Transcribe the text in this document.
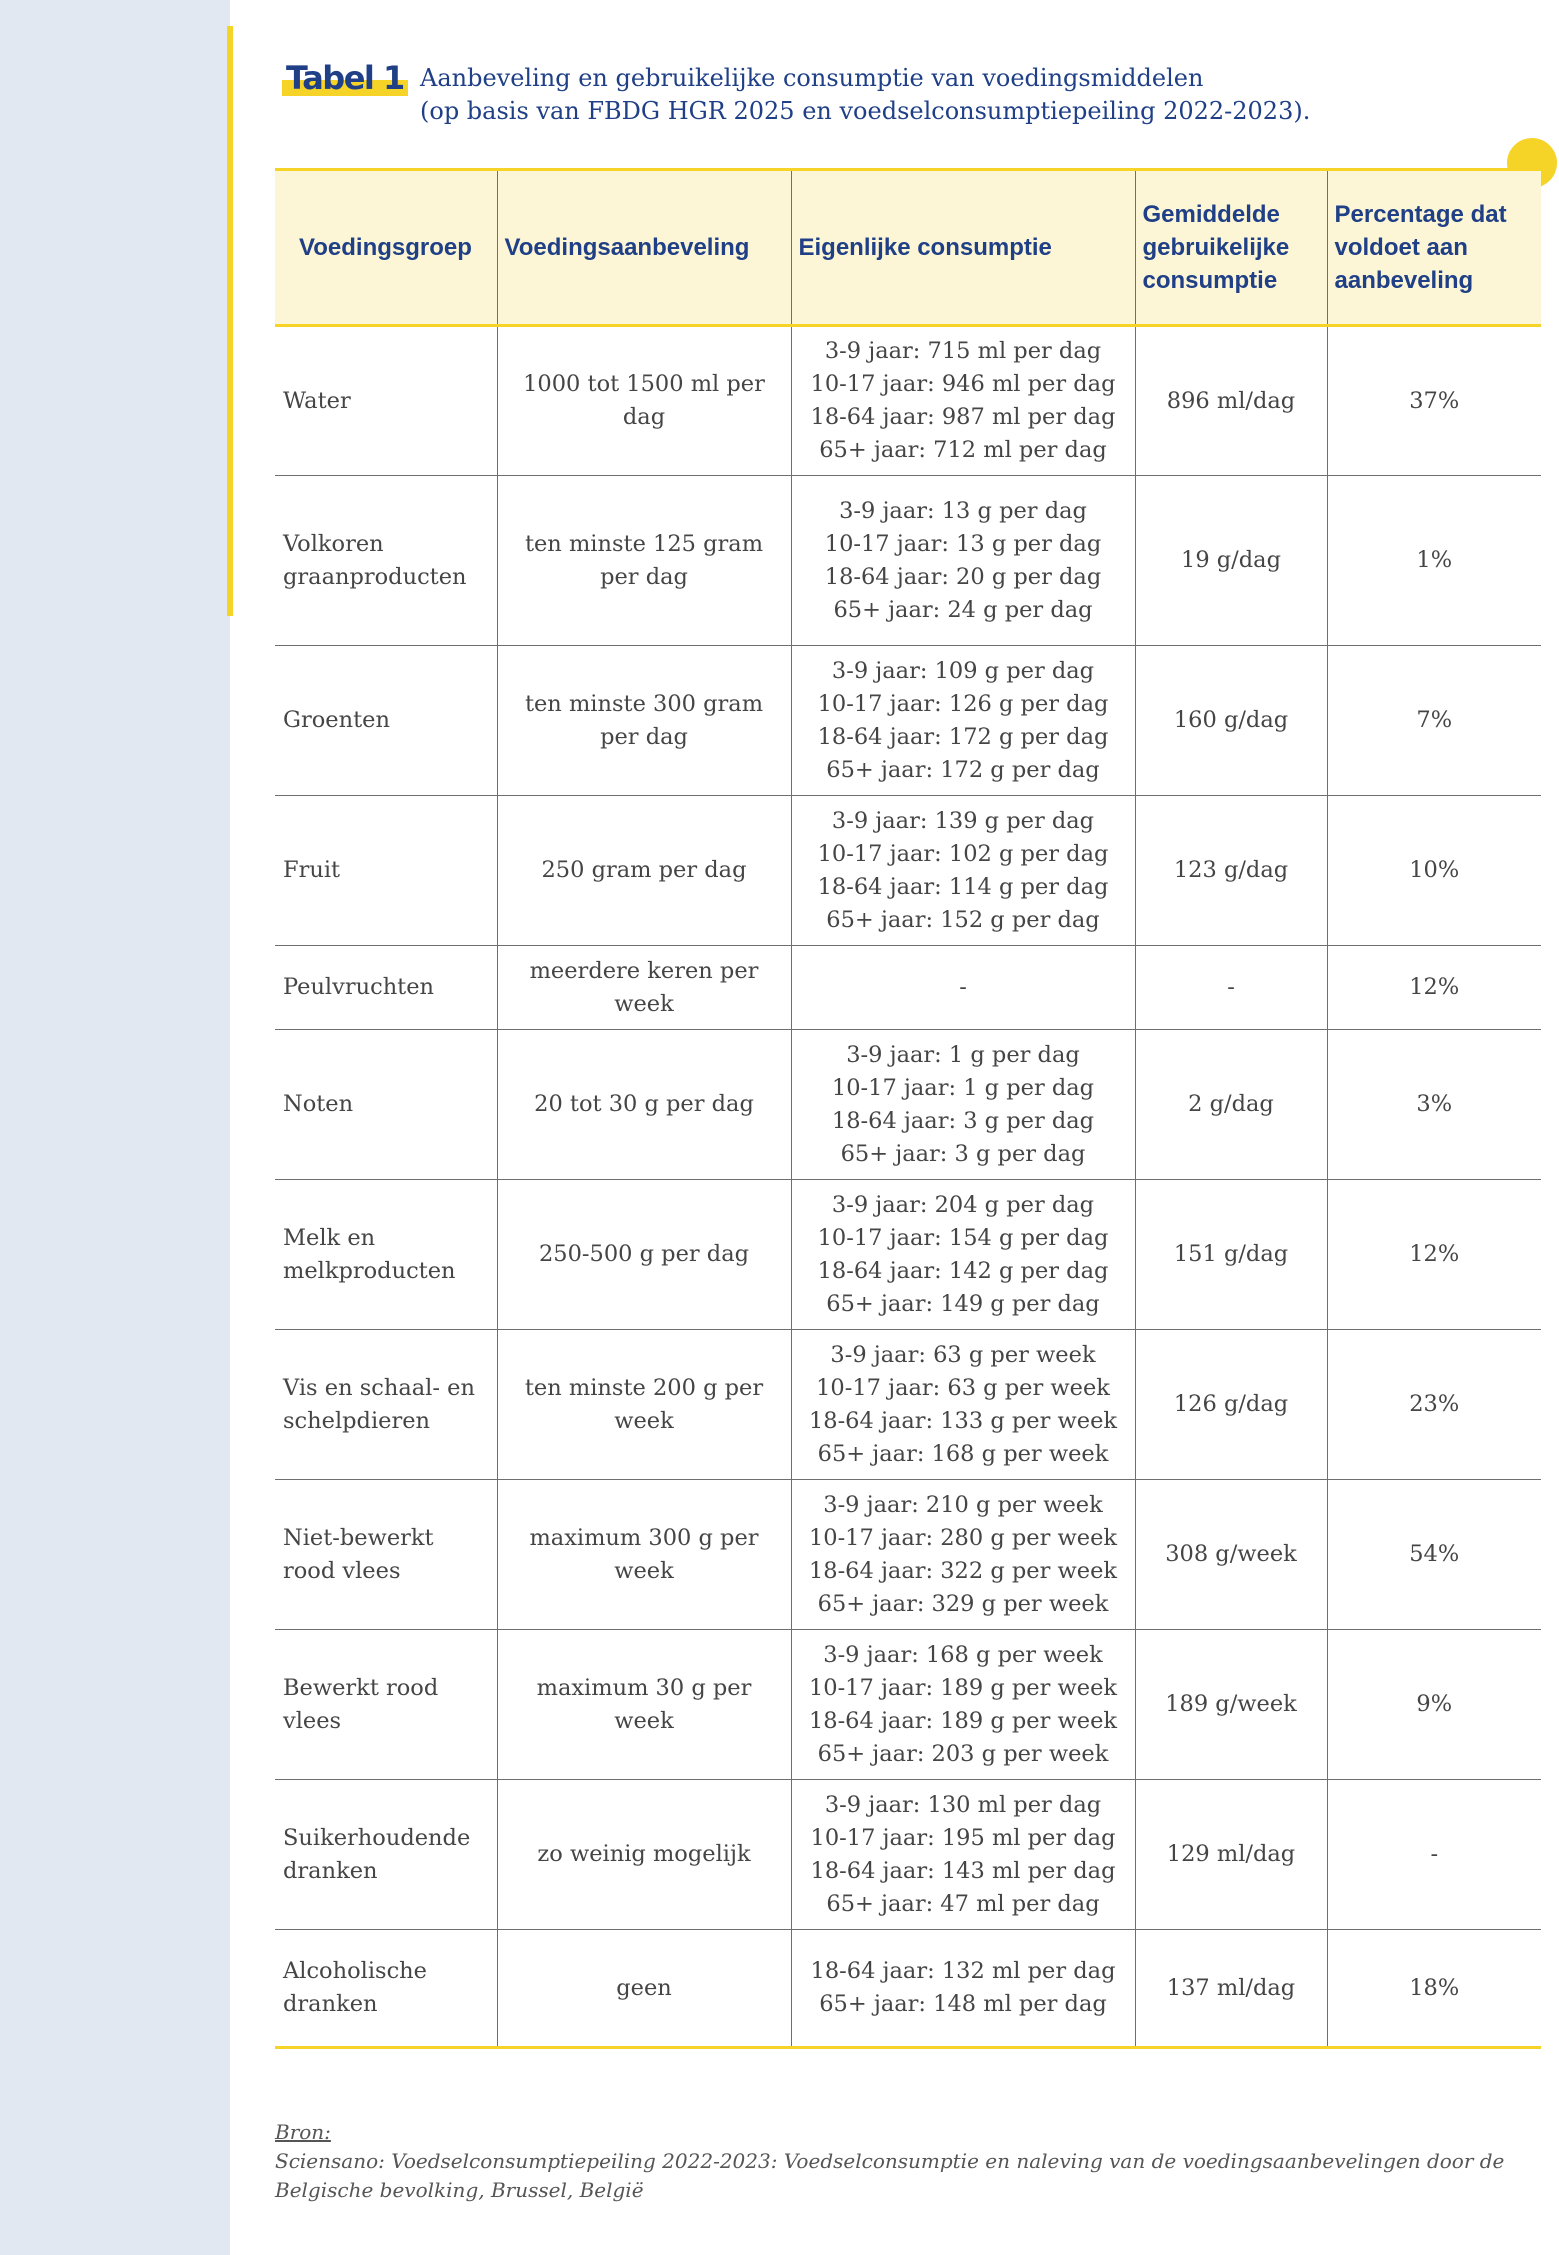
Tabel 1 Aanbeveling en gebruikelijke consumptie van voedingsmiddelen
(op basis van FBDG HGR 2025 en voedselconsumptiepeiling 2022-2023).
Voedingsgroep	Voedingsaanbeveling	Eigenlijke consumptie	Gemiddelde
gebruikelijke
consumptie	Percentage dat
voldoet aan
aanbeveling

Water	1000 tot 1500 ml per
dag	3-9 jaar: 715 ml per dag
10-17 jaar: 946 ml per dag
18-64 jaar: 987 ml per dag
65+ jaar: 712 ml per dag	896 ml/dag	37%

Volkoren
graanproducten	ten minste 125 gram
per dag	3-9 jaar: 13 g per dag
10-17 jaar: 13 g per dag
18-64 jaar: 20 g per dag
65+ jaar: 24 g per dag	19 g/dag	1%

Groenten	ten minste 300 gram
per dag	3-9 jaar: 109 g per dag
10-17 jaar: 126 g per dag
18-64 jaar: 172 g per dag
65+ jaar: 172 g per dag	160 g/dag	7%

Fruit	250 gram per dag	3-9 jaar: 139 g per dag
10-17 jaar: 102 g per dag
18-64 jaar: 114 g per dag
65+ jaar: 152 g per dag	123 g/dag	10%

Peulvruchten	meerdere keren per
week	-	-	12%

Noten	20 tot 30 g per dag	3-9 jaar: 1 g per dag
10-17 jaar: 1 g per dag
18-64 jaar: 3 g per dag
65+ jaar: 3 g per dag	2 g/dag	3%

Melk en
melkproducten	250-500 g per dag	3-9 jaar: 204 g per dag
10-17 jaar: 154 g per dag
18-64 jaar: 142 g per dag
65+ jaar: 149 g per dag	151 g/dag	12%

Vis en schaal- en
schelpdieren	ten minste 200 g per
week	3-9 jaar: 63 g per week
10-17 jaar: 63 g per week
18-64 jaar: 133 g per week
65+ jaar: 168 g per week	126 g/dag	23%

Niet-bewerkt
rood vlees	maximum 300 g per
week	3-9 jaar: 210 g per week
10-17 jaar: 280 g per week
18-64 jaar: 322 g per week
65+ jaar: 329 g per week	308 g/week	54%

Bewerkt rood
vlees	maximum 30 g per
week	3-9 jaar: 168 g per week
10-17 jaar: 189 g per week
18-64 jaar: 189 g per week
65+ jaar: 203 g per week	189 g/week	9%

Suikerhoudende
dranken	zo weinig mogelijk	3-9 jaar: 130 ml per dag
10-17 jaar: 195 ml per dag
18-64 jaar: 143 ml per dag
65+ jaar: 47 ml per dag	129 ml/dag	-

Alcoholische
dranken	geen	18-64 jaar: 132 ml per dag
65+ jaar: 148 ml per dag	137 ml/dag	18%
Bron:
Sciensano: Voedselconsumptiepeiling 2022-2023: Voedselconsumptie en naleving van de voedingsaanbevelingen door de
Belgische bevolking, Brussel, België
